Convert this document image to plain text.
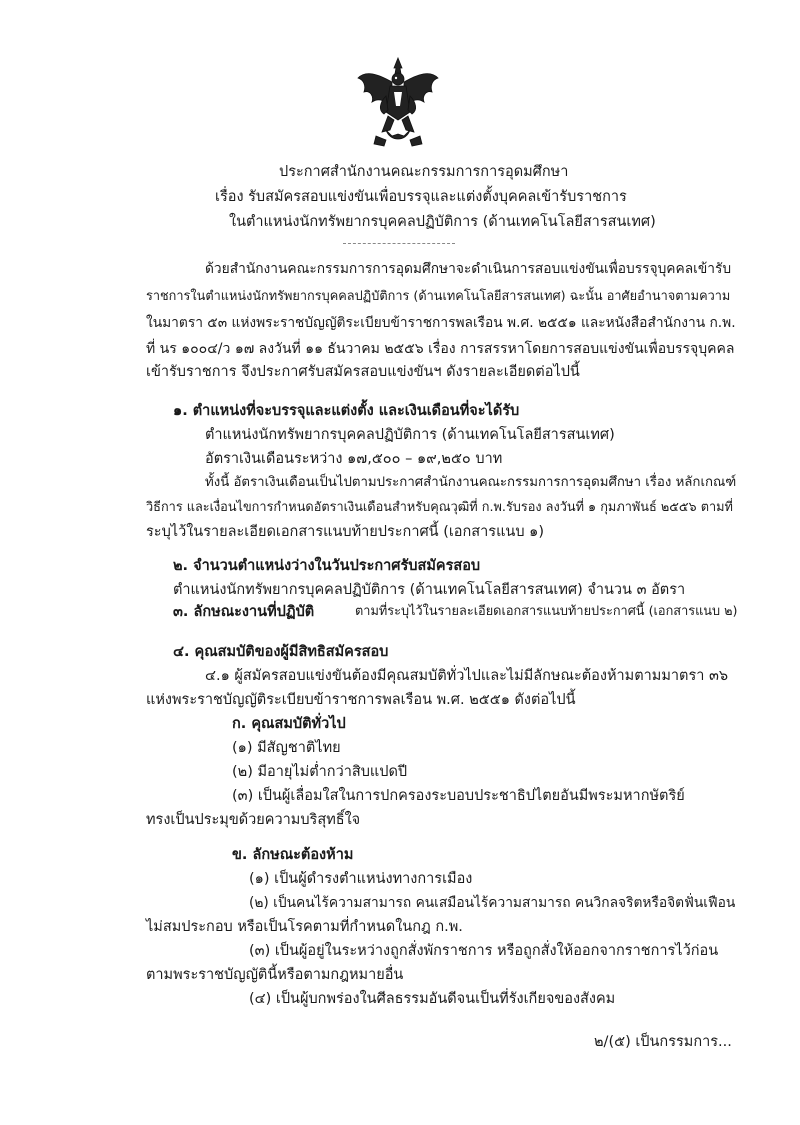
ประกาศสำนักงานคณะกรรมการการอุดมศึกษา
เรื่อง รับสมัครสอบแข่งขันเพื่อบรรจุและแต่งตั้งบุคคลเข้ารับราชการ
ในตำแหน่งนักทรัพยากรบุคคลปฏิบัติการ (ด้านเทคโนโลยีสารสนเทศ)
ด้วยสำนักงานคณะกรรมการการอุดมศึกษาจะดำเนินการสอบแข่งขันเพื่อบรรจุบุคคลเข้ารับ
ราชการในตำแหน่งนักทรัพยากรบุคคลปฏิบัติการ (ด้านเทคโนโลยีสารสนเทศ) ฉะนั้น อาศัยอำนาจตามความ
ในมาตรา ๕๓ แห่งพระราชบัญญัติระเบียบข้าราชการพลเรือน พ.ศ. ๒๕๕๑ และหนังสือสำนักงาน ก.พ.
ที่ นร ๑๐๐๔/ว ๑๗ ลงวันที่ ๑๑ ธันวาคม ๒๕๕๖ เรื่อง การสรรหาโดยการสอบแข่งขันเพื่อบรรจุบุคคล
เข้ารับราชการ จึงประกาศรับสมัครสอบแข่งขันฯ ดังรายละเอียดต่อไปนี้
๑. ตำแหน่งที่จะบรรจุและแต่งตั้ง และเงินเดือนที่จะได้รับ
ตำแหน่งนักทรัพยากรบุคคลปฏิบัติการ (ด้านเทคโนโลยีสารสนเทศ)
อัตราเงินเดือนระหว่าง ๑๗,๕๐๐ – ๑๙,๒๕๐ บาท
ทั้งนี้ อัตราเงินเดือนเป็นไปตามประกาศสำนักงานคณะกรรมการการอุดมศึกษา เรื่อง หลักเกณฑ์
วิธีการ และเงื่อนไขการกำหนดอัตราเงินเดือนสำหรับคุณวุฒิที่ ก.พ.รับรอง ลงวันที่ ๑ กุมภาพันธ์ ๒๕๕๖ ตามที่
ระบุไว้ในรายละเอียดเอกสารแนบท้ายประกาศนี้ (เอกสารแนบ ๑)
๒. จำนวนตำแหน่งว่างในวันประกาศรับสมัครสอบ
ตำแหน่งนักทรัพยากรบุคคลปฏิบัติการ (ด้านเทคโนโลยีสารสนเทศ) จำนวน ๓ อัตรา
๓. ลักษณะงานที่ปฏิบัติ	ตามที่ระบุไว้ในรายละเอียดเอกสารแนบท้ายประกาศนี้ (เอกสารแนบ ๒)
๔. คุณสมบัติของผู้มีสิทธิสมัครสอบ
๔.๑ ผู้สมัครสอบแข่งขันต้องมีคุณสมบัติทั่วไปและไม่มีลักษณะต้องห้ามตามมาตรา ๓๖
แห่งพระราชบัญญัติระเบียบข้าราชการพลเรือน พ.ศ. ๒๕๕๑ ดังต่อไปนี้
ก. คุณสมบัติทั่วไป
(๑) มีสัญชาติไทย
(๒) มีอายุไม่ต่ำกว่าสิบแปดปี
(๓) เป็นผู้เลื่อมใสในการปกครองระบอบประชาธิปไตยอันมีพระมหากษัตริย์
ทรงเป็นประมุขด้วยความบริสุทธิ์ใจ
ข. ลักษณะต้องห้าม
(๑) เป็นผู้ดำรงตำแหน่งทางการเมือง
(๒) เป็นคนไร้ความสามารถ คนเสมือนไร้ความสามารถ คนวิกลจริตหรือจิตฟั่นเฟือน
ไม่สมประกอบ หรือเป็นโรคตามที่กำหนดในกฎ ก.พ.
(๓) เป็นผู้อยู่ในระหว่างถูกสั่งพักราชการ หรือถูกสั่งให้ออกจากราชการไว้ก่อน
ตามพระราชบัญญัตินี้หรือตามกฎหมายอื่น
(๔) เป็นผู้บกพร่องในศีลธรรมอันดีจนเป็นที่รังเกียจของสังคม
๒/(๕) เป็นกรรมการ...
